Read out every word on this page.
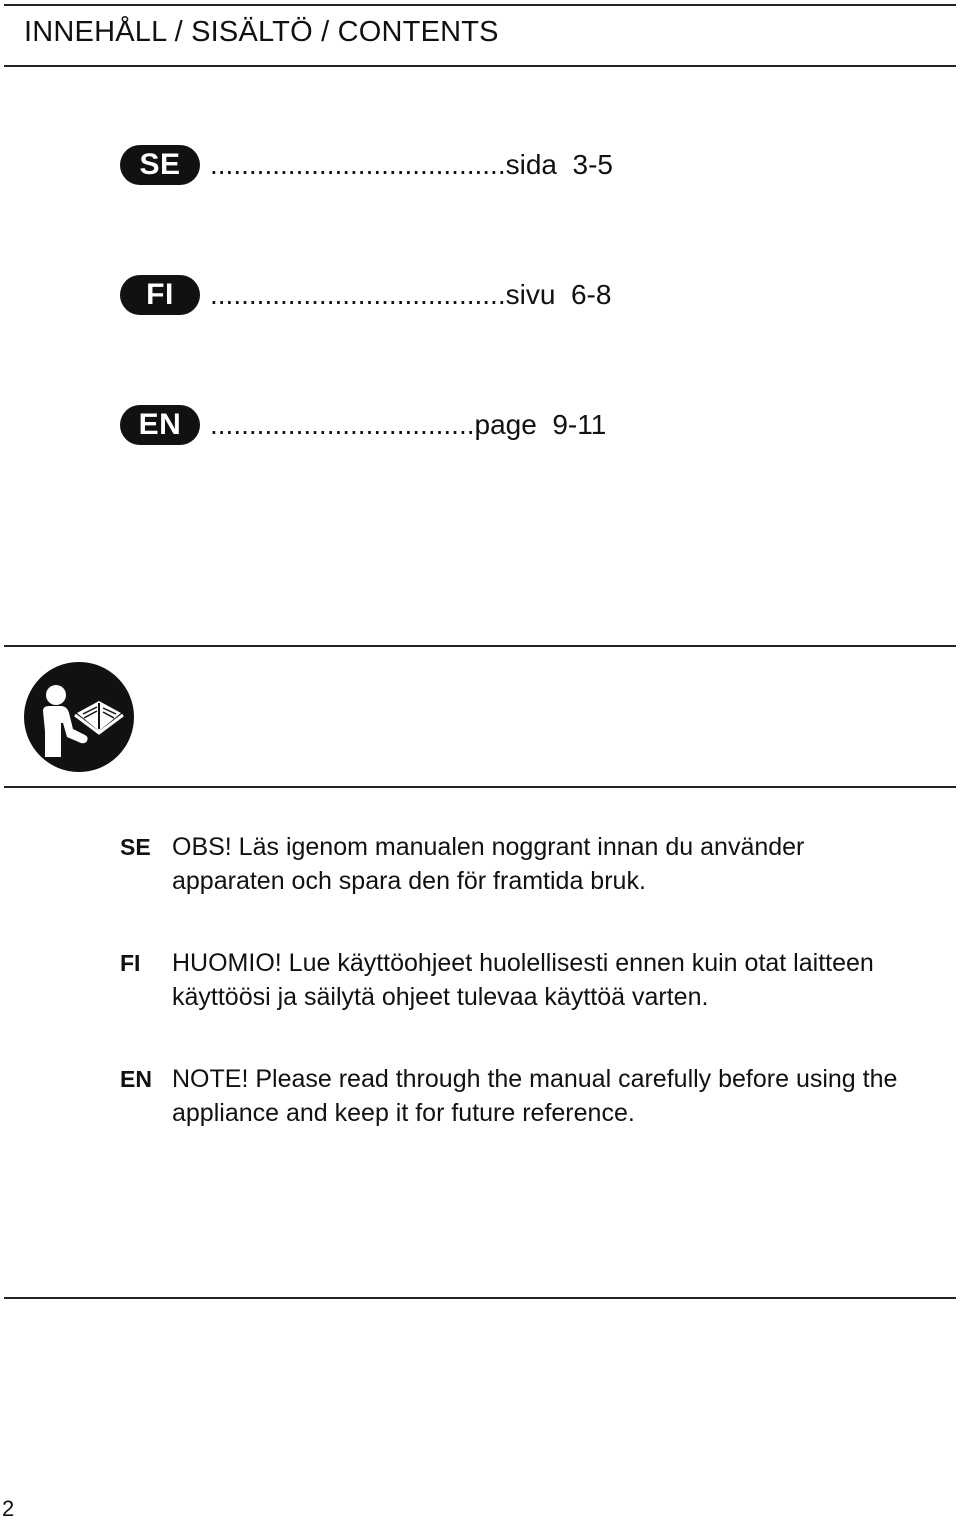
INNEHÅLL / SISÄLTÖ / CONTENTS
SE	......................................sida  3-5
FI	......................................sivu  6-8
EN	..................................page  9-11
SE OBS! Läs igenom manualen noggrant innan du använder apparaten och spara den för framtida bruk.
FI	HUOMIO! Lue käyttöohjeet huolellisesti ennen kuin otat laitteen käyttöösi ja säilytä ohjeet tulevaa käyttöä varten.
EN NOTE! Please read through the manual carefully before using the appliance and keep it for future reference.
2
